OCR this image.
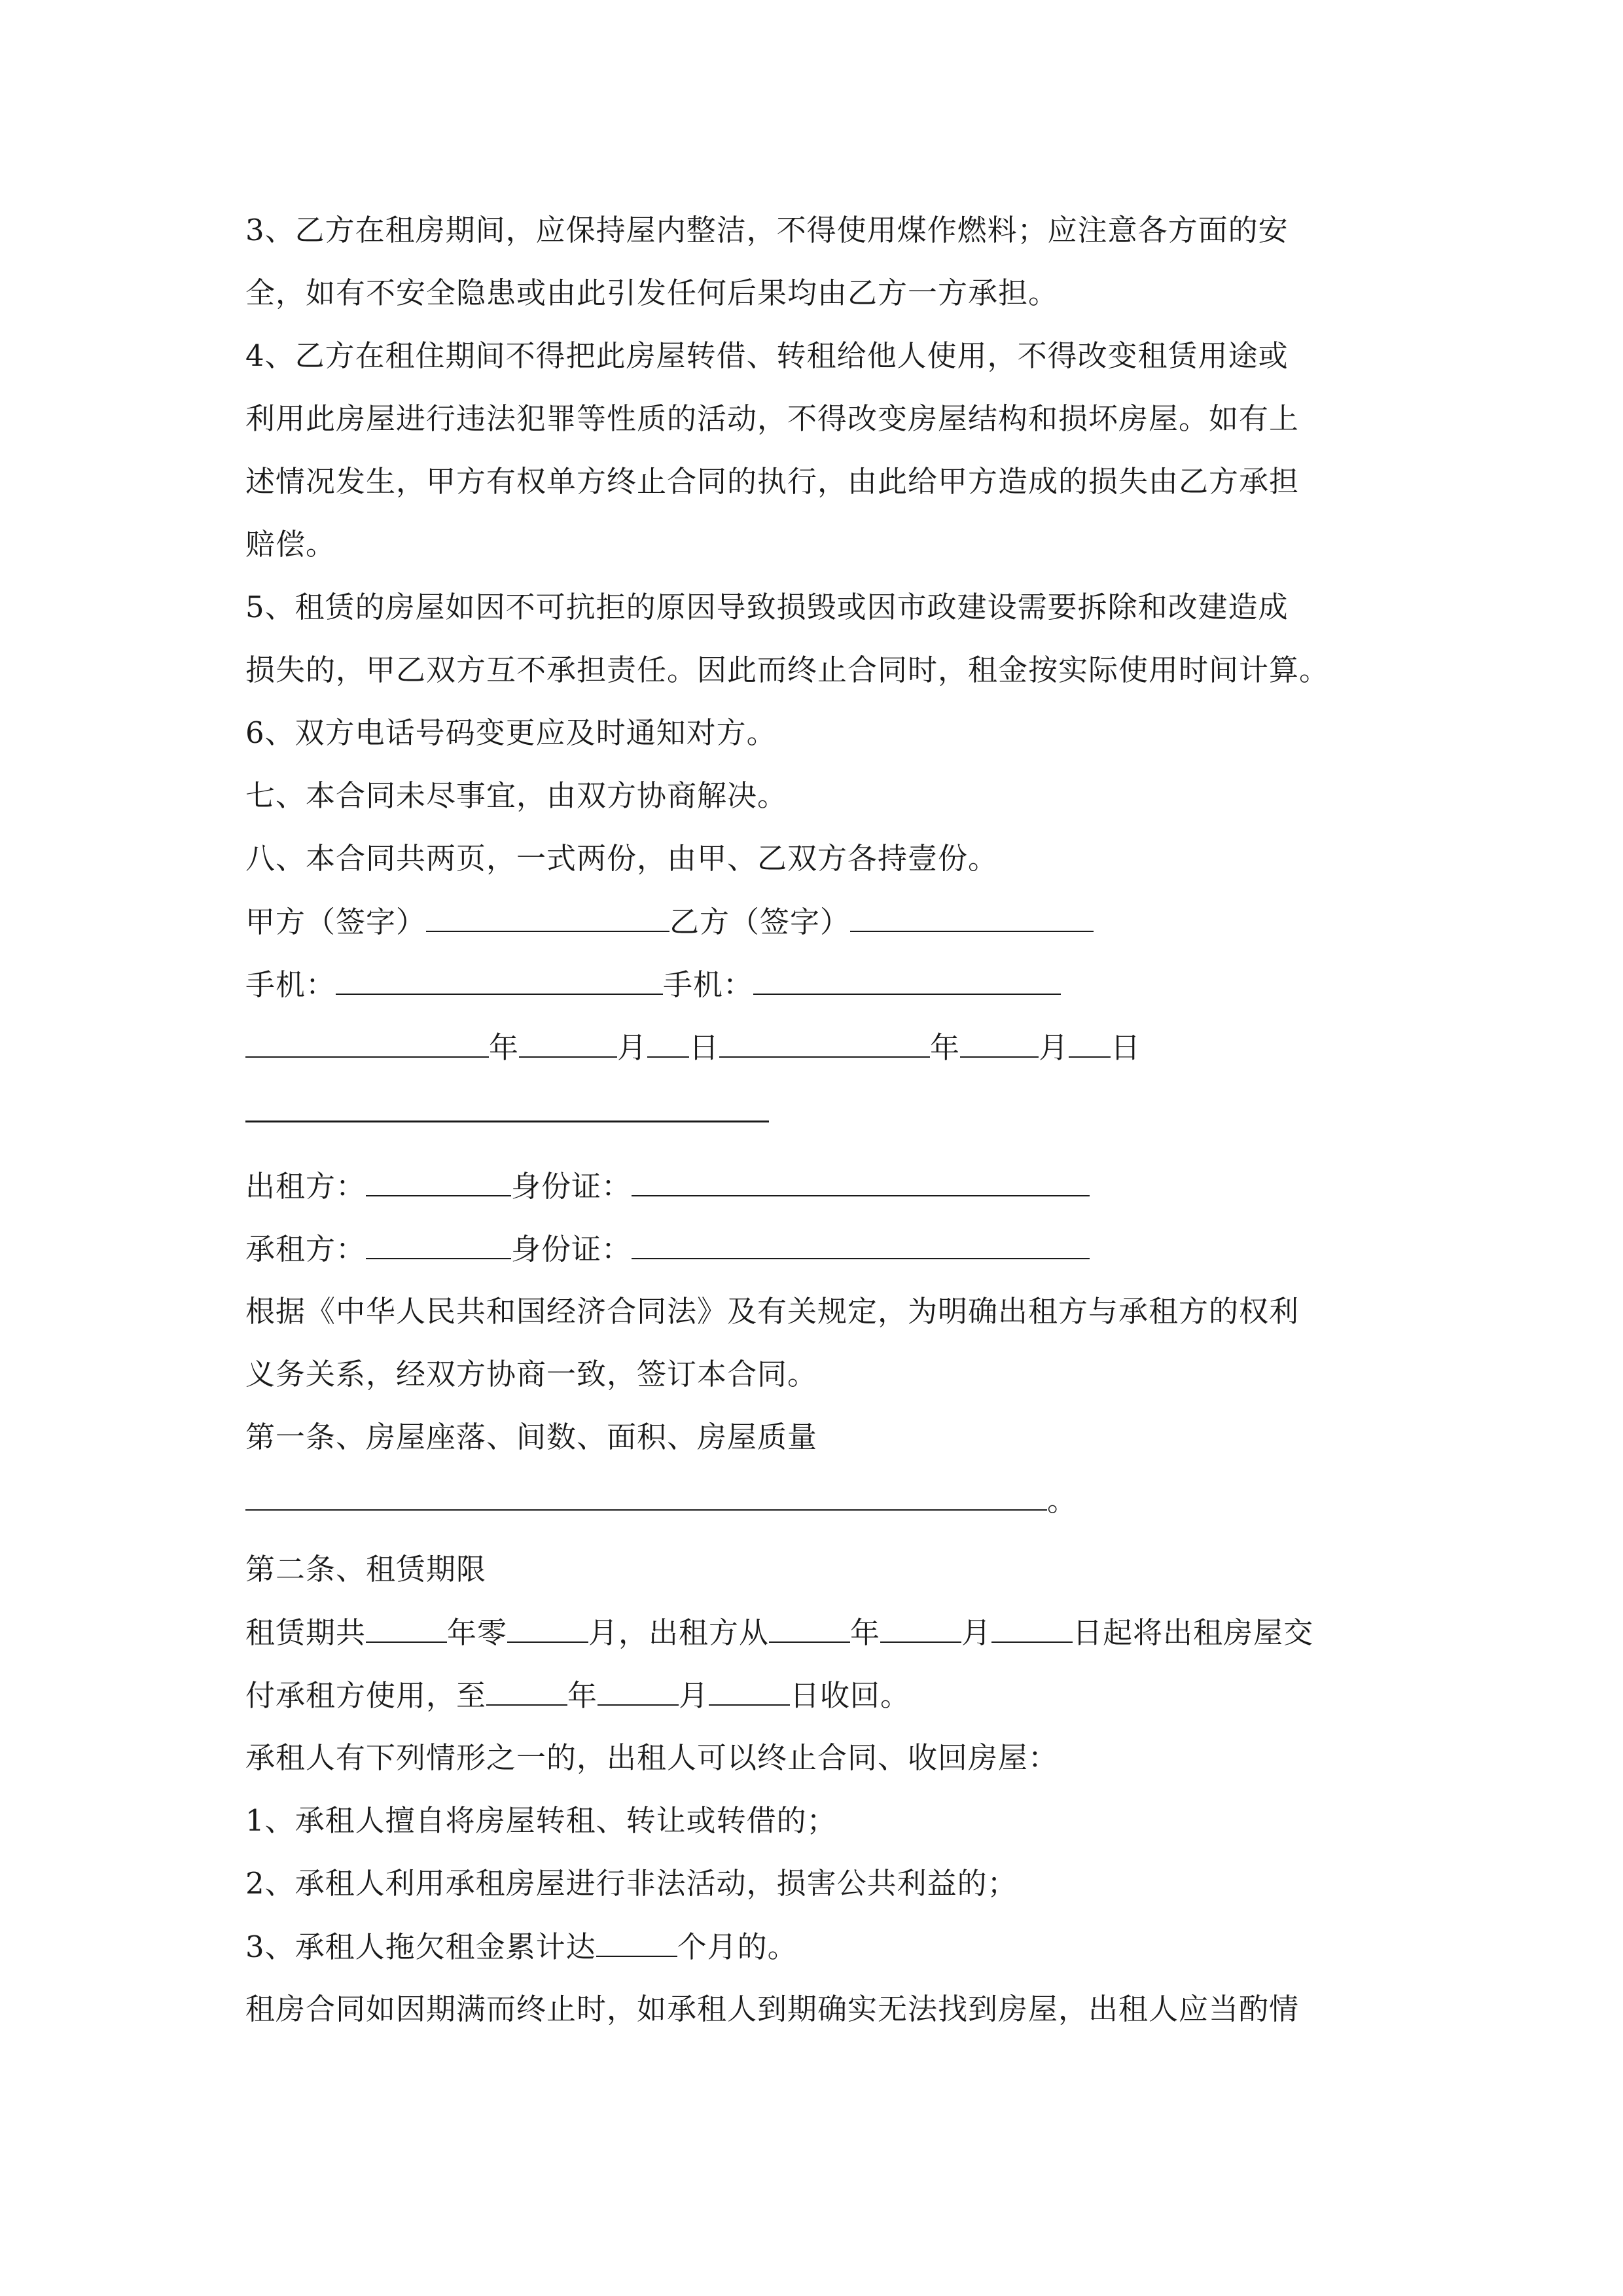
3、乙方在租房期间，应保持屋内整洁，不得使用煤作燃料；应注意各方面的安
全，如有不安全隐患或由此引发任何后果均由乙方一方承担。
4、乙方在租住期间不得把此房屋转借、转租给他人使用，不得改变租赁用途或
利用此房屋进行违法犯罪等性质的活动，不得改变房屋结构和损坏房屋。如有上
述情况发生，甲方有权单方终止合同的执行，由此给甲方造成的损失由乙方承担
赔偿。
5、租赁的房屋如因不可抗拒的原因导致损毁或因市政建设需要拆除和改建造成
损失的，甲乙双方互不承担责任。因此而终止合同时，租金按实际使用时间计算。
6、双方电话号码变更应及时通知对方。
七、本合同未尽事宜，由双方协商解决。
八、本合同共两页，一式两份，由甲、乙双方各持壹份。
甲方（签字）	乙方（签字）
手机：	手机：
年	月 日	年	月 日
出租方：	身份证：
承租方：	身份证：
根据《中华人民共和国经济合同法》及有关规定，为明确出租方与承租方的权利
义务关系，经双方协商一致，签订本合同。
第一条、房屋座落、间数、面积、房屋质量
。
第二条、租赁期限
租赁期共	年零	月，出租方从	年	月	日起将出租房屋交
付承租方使用，至	年	月	日收回。
承租人有下列情形之一的，出租人可以终止合同、收回房屋：
1、承租人擅自将房屋转租、转让或转借的；
2、承租人利用承租房屋进行非法活动，损害公共利益的；
3、承租人拖欠租金累计达	个月的。
租房合同如因期满而终止时，如承租人到期确实无法找到房屋，出租人应当酌情
